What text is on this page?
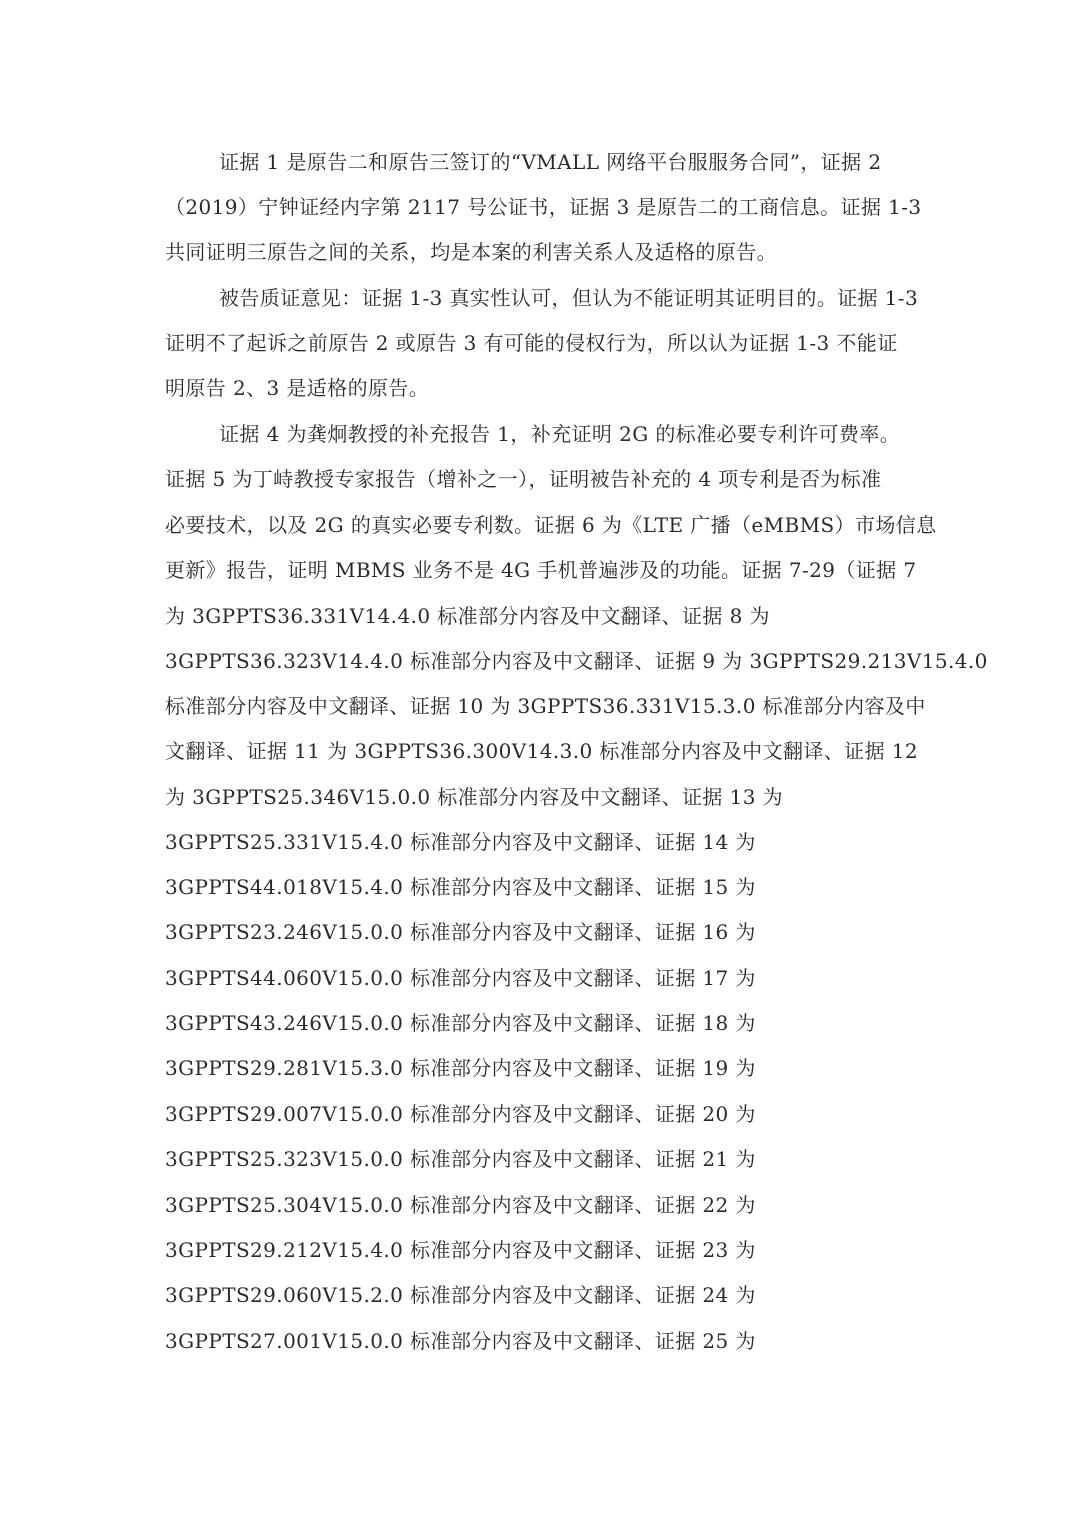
证据 1 是原告二和原告三签订的“VMALL 网络平台服服务合同”，证据 2
（2019）宁钟证经内字第 2117 号公证书，证据 3 是原告二的工商信息。证据 1-3
共同证明三原告之间的关系，均是本案的利害关系人及适格的原告。
被告质证意见：证据 1-3 真实性认可，但认为不能证明其证明目的。证据 1-3
证明不了起诉之前原告 2 或原告 3 有可能的侵权行为，所以认为证据 1-3 不能证
明原告 2、3 是适格的原告。
证据 4 为龚炯教授的补充报告 1，补充证明 2G 的标准必要专利许可费率。
证据 5 为丁峙教授专家报告（增补之一），证明被告补充的 4 项专利是否为标准
必要技术，以及 2G 的真实必要专利数。证据 6 为《LTE 广播（eMBMS）市场信息
更新》报告，证明 MBMS 业务不是 4G 手机普遍涉及的功能。证据 7-29（证据 7
为 3GPPTS36.331V14.4.0 标准部分内容及中文翻译、证据 8 为
3GPPTS36.323V14.4.0 标准部分内容及中文翻译、证据 9 为 3GPPTS29.213V15.4.0
标准部分内容及中文翻译、证据 10 为 3GPPTS36.331V15.3.0 标准部分内容及中
文翻译、证据 11 为 3GPPTS36.300V14.3.0 标准部分内容及中文翻译、证据 12
为 3GPPTS25.346V15.0.0 标准部分内容及中文翻译、证据 13 为
3GPPTS25.331V15.4.0 标准部分内容及中文翻译、证据 14 为
3GPPTS44.018V15.4.0 标准部分内容及中文翻译、证据 15 为
3GPPTS23.246V15.0.0 标准部分内容及中文翻译、证据 16 为
3GPPTS44.060V15.0.0 标准部分内容及中文翻译、证据 17 为
3GPPTS43.246V15.0.0 标准部分内容及中文翻译、证据 18 为
3GPPTS29.281V15.3.0 标准部分内容及中文翻译、证据 19 为
3GPPTS29.007V15.0.0 标准部分内容及中文翻译、证据 20 为
3GPPTS25.323V15.0.0 标准部分内容及中文翻译、证据 21 为
3GPPTS25.304V15.0.0 标准部分内容及中文翻译、证据 22 为
3GPPTS29.212V15.4.0 标准部分内容及中文翻译、证据 23 为
3GPPTS29.060V15.2.0 标准部分内容及中文翻译、证据 24 为
3GPPTS27.001V15.0.0 标准部分内容及中文翻译、证据 25 为
